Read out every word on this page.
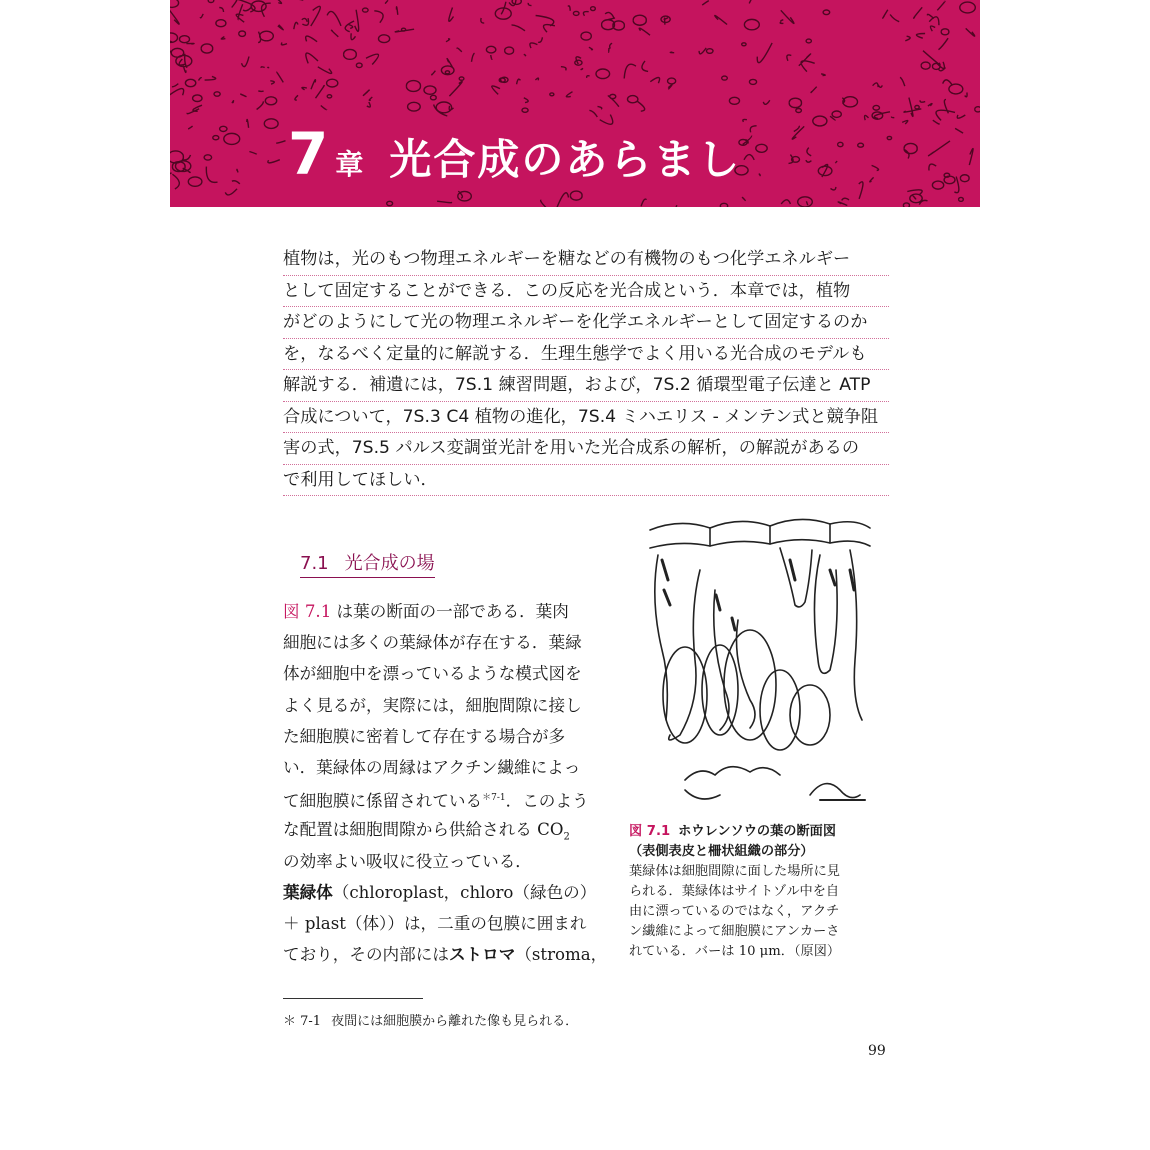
7 章 光合成のあらまし

植物は，光のもつ物理エネルギーを糖などの有機物のもつ化学エネルギー
として固定することができる．この反応を光合成という．本章では，植物
がどのようにして光の物理エネルギーを化学エネルギーとして固定するのか
を，なるべく定量的に解説する．生理生態学でよく用いる光合成のモデルも
解説する．補遺には，7S.1 練習問題，および，7S.2 循環型電子伝達と ATP
合成について，7S.3 C4 植物の進化，7S.4 ミハエリス - メンテン式と競争阻
害の式，7S.5 パルス変調蛍光計を用いた光合成系の解析，の解説があるの
で利用してほしい．

7.1 光合成の場
図 7.1 は葉の断面の一部である．葉肉
細胞には多くの葉緑体が存在する．葉緑
体が細胞中を漂っているような模式図を
よく見るが，実際には，細胞間隙に接し
た細胞膜に密着して存在する場合が多
い．葉緑体の周縁はアクチン繊維によっ
て細胞膜に係留されている$^{*7-1}$．このよう
な配置は細胞間隙から供給される $CO_2$
の効率よい吸収に役立っている．
葉緑体（chloroplast，chloro（緑色の）
＋ plast（体））は，二重の包膜に囲まれ
ており，その内部にはストロマ（stroma，
図 7.1 ホウレンソウの葉の断面図
（表側表皮と柵状組織の部分）
葉緑体は細胞間隙に面した場所に見
られる．葉緑体はサイトゾル中を自
由に漂っているのではなく，アクチ
ン繊維によって細胞膜にアンカーさ
れている．バーは 10 μm．（原図）
＊ 7-1 夜間には細胞膜から離れた像も見られる．
99
